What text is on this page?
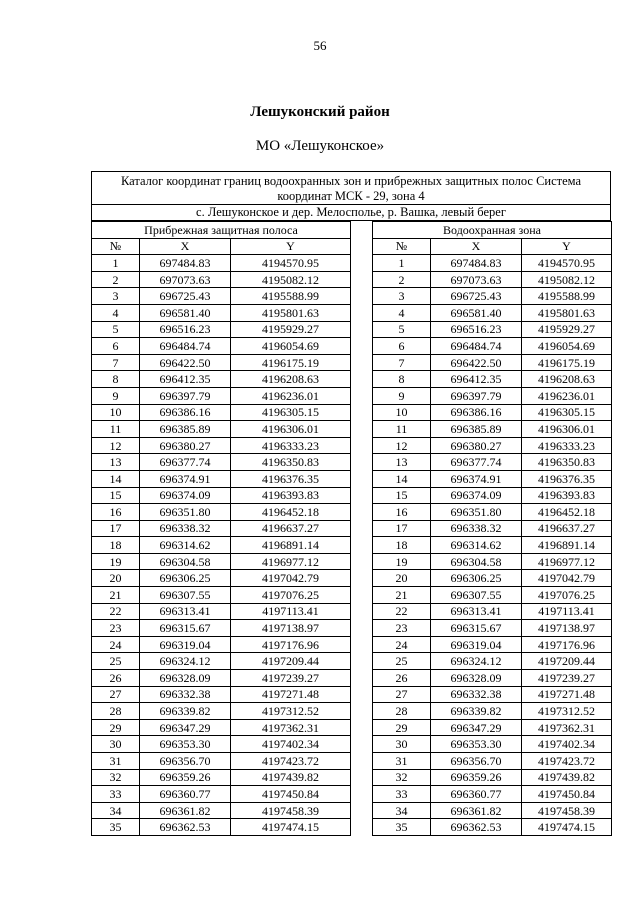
56
Лешуконский район
МО «Лешуконское»
Каталог координат границ водоохранных зон и прибрежных защитных полос Система
координат МСК - 29, зона 4
с. Лешуконское и дер. Мелосполье, р. Вашка, левый берег
Прибрежная защитная полоса		
№	X	Y
1	697484.83	4194570.95
2	697073.63	4195082.12
3	696725.43	4195588.99
4	696581.40	4195801.63
5	696516.23	4195929.27
6	696484.74	4196054.69
7	696422.50	4196175.19
8	696412.35	4196208.63
9	696397.79	4196236.01
10	696386.16	4196305.15
11	696385.89	4196306.01
12	696380.27	4196333.23
13	696377.74	4196350.83
14	696374.91	4196376.35
15	696374.09	4196393.83
16	696351.80	4196452.18
17	696338.32	4196637.27
18	696314.62	4196891.14
19	696304.58	4196977.12
20	696306.25	4197042.79
21	696307.55	4197076.25
22	696313.41	4197113.41
23	696315.67	4197138.97
24	696319.04	4197176.96
25	696324.12	4197209.44
26	696328.09	4197239.27
27	696332.38	4197271.48
28	696339.82	4197312.52
29	696347.29	4197362.31
30	696353.30	4197402.34
31	696356.70	4197423.72
32	696359.26	4197439.82
33	696360.77	4197450.84
34	696361.82	4197458.39
35	696362.53	4197474.15
Водоохранная зона		
№	X	Y
1	697484.83	4194570.95
2	697073.63	4195082.12
3	696725.43	4195588.99
4	696581.40	4195801.63
5	696516.23	4195929.27
6	696484.74	4196054.69
7	696422.50	4196175.19
8	696412.35	4196208.63
9	696397.79	4196236.01
10	696386.16	4196305.15
11	696385.89	4196306.01
12	696380.27	4196333.23
13	696377.74	4196350.83
14	696374.91	4196376.35
15	696374.09	4196393.83
16	696351.80	4196452.18
17	696338.32	4196637.27
18	696314.62	4196891.14
19	696304.58	4196977.12
20	696306.25	4197042.79
21	696307.55	4197076.25
22	696313.41	4197113.41
23	696315.67	4197138.97
24	696319.04	4197176.96
25	696324.12	4197209.44
26	696328.09	4197239.27
27	696332.38	4197271.48
28	696339.82	4197312.52
29	696347.29	4197362.31
30	696353.30	4197402.34
31	696356.70	4197423.72
32	696359.26	4197439.82
33	696360.77	4197450.84
34	696361.82	4197458.39
35	696362.53	4197474.15
